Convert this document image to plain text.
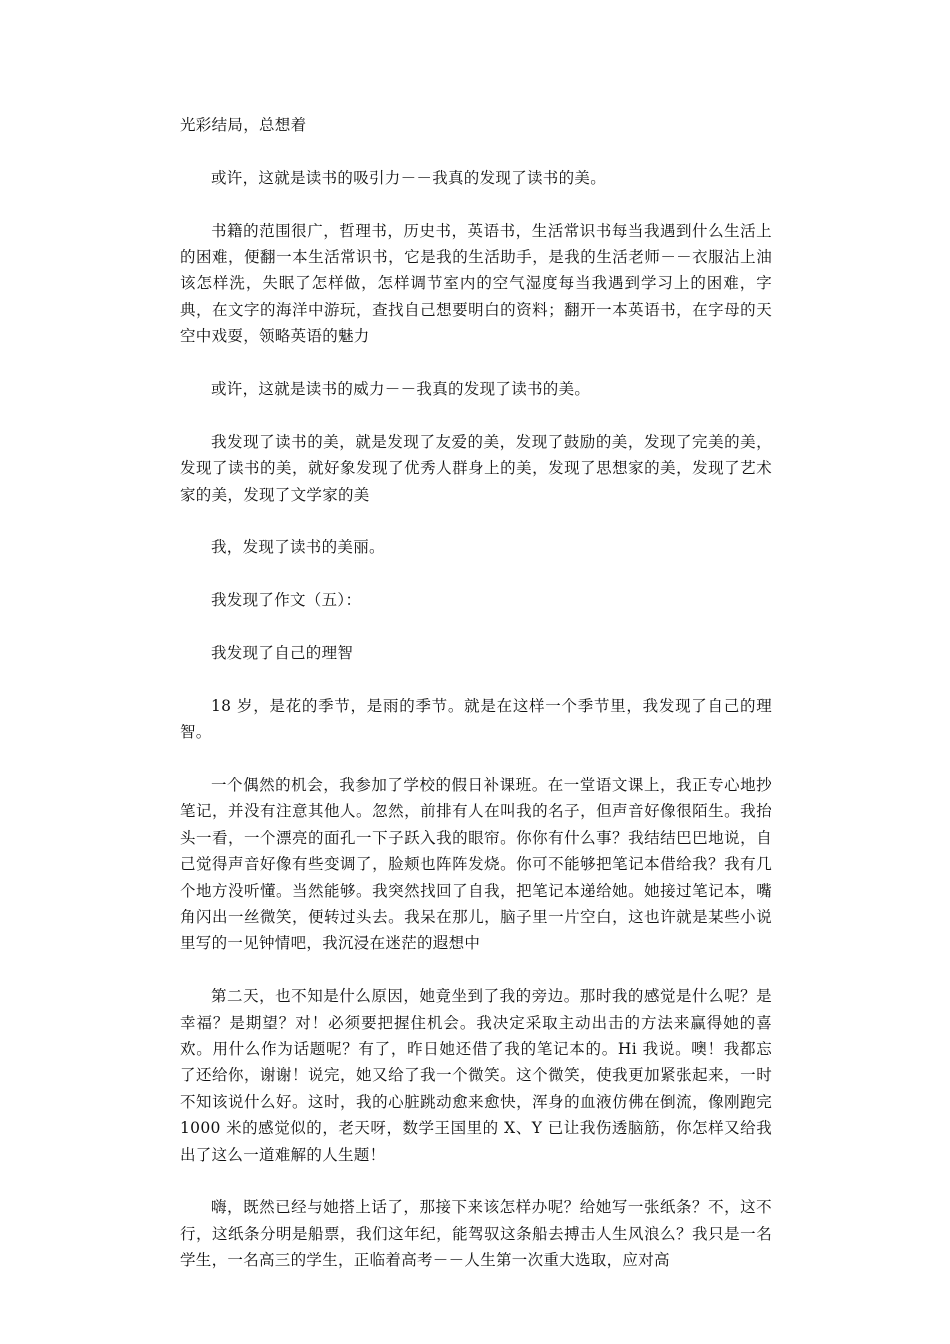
光彩结局，总想着

或许，这就是读书的吸引力－－我真的发现了读书的美。

书籍的范围很广，哲理书，历史书，英语书，生活常识书每当我遇到什么生活上的困难，便翻一本生活常识书，它是我的生活助手，是我的生活老师－－衣服沾上油该怎样洗，失眠了怎样做，怎样调节室内的空气湿度每当我遇到学习上的困难，字典，在文字的海洋中游玩，查找自己想要明白的资料；翻开一本英语书，在字母的天空中戏耍，领略英语的魅力

或许，这就是读书的威力－－我真的发现了读书的美。

我发现了读书的美，就是发现了友爱的美，发现了鼓励的美，发现了完美的美，发现了读书的美，就好象发现了优秀人群身上的美，发现了思想家的美，发现了艺术家的美，发现了文学家的美

我，发现了读书的美丽。

我发现了作文（五）：

我发现了自己的理智

18 岁，是花的季节，是雨的季节。就是在这样一个季节里，我发现了自己的理智。

一个偶然的机会，我参加了学校的假日补课班。在一堂语文课上，我正专心地抄笔记，并没有注意其他人。忽然，前排有人在叫我的名子，但声音好像很陌生。我抬头一看，一个漂亮的面孔一下子跃入我的眼帘。你你有什么事？我结结巴巴地说，自己觉得声音好像有些变调了，脸颊也阵阵发烧。你可不能够把笔记本借给我？我有几个地方没听懂。当然能够。我突然找回了自我，把笔记本递给她。她接过笔记本，嘴角闪出一丝微笑，便转过头去。我呆在那儿，脑子里一片空白，这也许就是某些小说里写的一见钟情吧，我沉浸在迷茫的遐想中

第二天，也不知是什么原因，她竟坐到了我的旁边。那时我的感觉是什么呢？是幸福？是期望？对！必须要把握住机会。我决定采取主动出击的方法来赢得她的喜欢。用什么作为话题呢？有了，昨日她还借了我的笔记本的。Hi 我说。噢！我都忘了还给你，谢谢！说完，她又给了我一个微笑。这个微笑，使我更加紧张起来，一时不知该说什么好。这时，我的心脏跳动愈来愈快，浑身的血液仿佛在倒流，像刚跑完 1000 米的感觉似的，老天呀，数学王国里的 X、Y 已让我伤透脑筋，你怎样又给我出了这么一道难解的人生题！

嗨，既然已经与她搭上话了，那接下来该怎样办呢？给她写一张纸条？不，这不行，这纸条分明是船票，我们这年纪，能驾驭这条船去搏击人生风浪么？我只是一名学生，一名高三的学生，正临着高考－－人生第一次重大选取，应对高
